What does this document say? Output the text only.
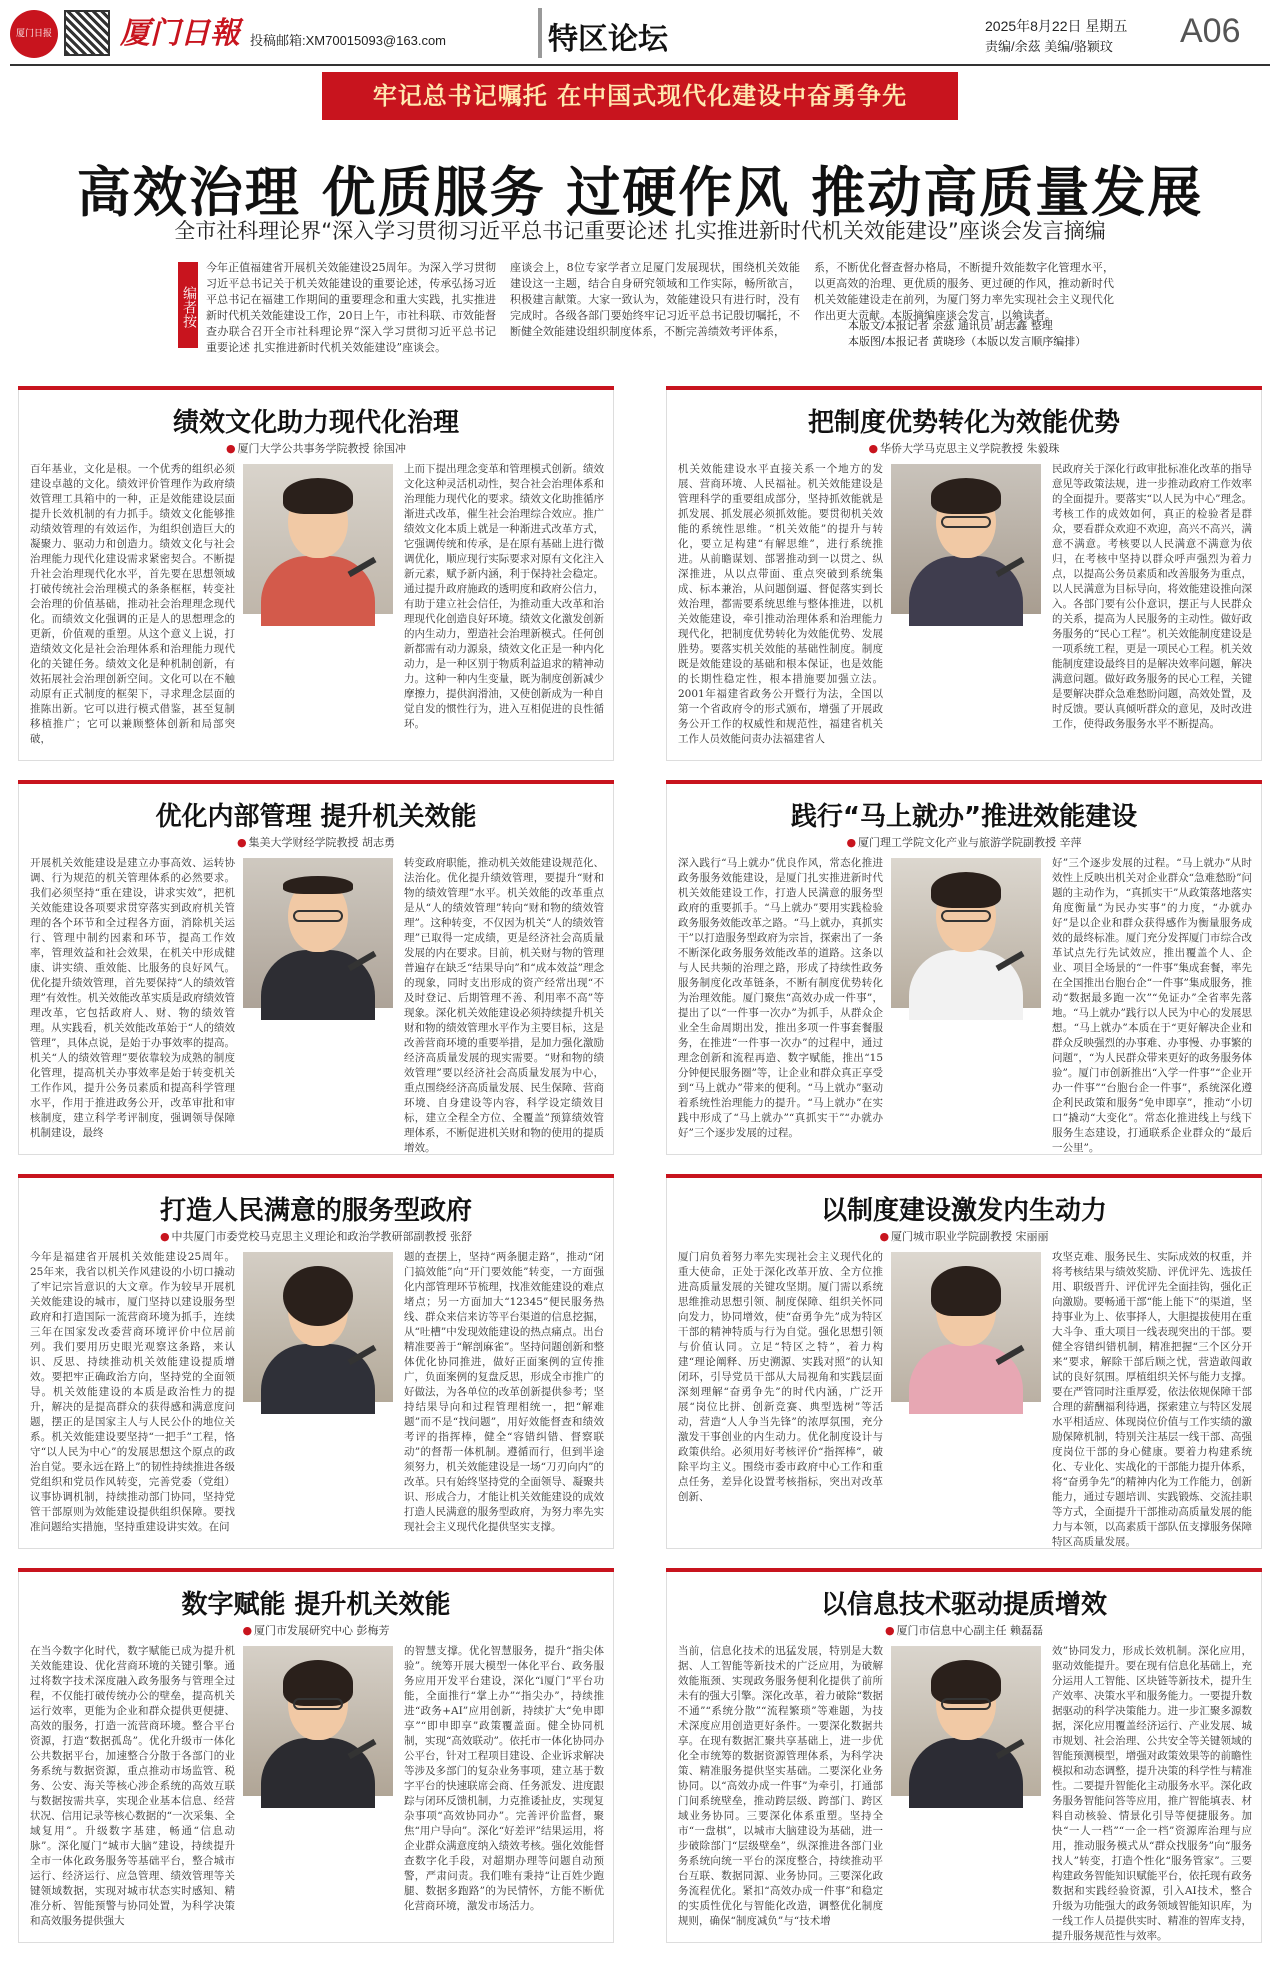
厦门日报 厦门日報 投稿邮箱:XM70015093@163.com	特区论坛	2025年8月22日 星期五
责编/余茲 美编/骆颖玟 A06
牢记总书记嘱托 在中国式现代化建设中奋勇争先
高效治理 优质服务 过硬作风 推动高质量发展
全市社科理论界“深入学习贯彻习近平总书记重要论述 扎实推进新时代机关效能建设”座谈会发言摘编
编者按
今年正值福建省开展机关效能建设25周年。为深入学习贯彻习近平总书记关于机关效能建设的重要论述，传承弘扬习近平总书记在福建工作期间的重要理念和重大实践，扎实推进新时代机关效能建设工作，20日上午，市社科联、市效能督查办联合召开全市社科理论界“深入学习贯彻习近平总书记重要论述 扎实推进新时代机关效能建设”座谈会。
座谈会上，8位专家学者立足厦门发展现状，围绕机关效能建设这一主题，结合自身研究领域和工作实际，畅所欲言，积极建言献策。大家一致认为，效能建设只有进行时，没有完成时。各级各部门要始终牢记习近平总书记殷切嘱托，不断健全效能建设组织制度体系，不断完善绩效考评体系，
系，不断优化督查督办格局，不断提升效能数字化管理水平，以更高效的治理、更优质的服务、更过硬的作风，推动新时代机关效能建设走在前列，为厦门努力率先实现社会主义现代化作出更大贡献。本版摘编座谈会发言，以飨读者。
本版文/本报记者 余茲 通讯员 胡志鑫 整理
本版图/本报记者 黄晓珍（本版以发言顺序编排）
绩效文化助力现代化治理
● 厦门大学公共事务学院教授 徐国冲
百年基业，文化是根。一个优秀的组织必须建设卓越的文化。绩效评价管理作为政府绩效管理工具箱中的一种，正是效能建设层面提升长效机制的有力抓手。绩效文化能够推动绩效管理的有效运作，为组织创造巨大的凝聚力、驱动力和创造力。绩效文化与社会治理能力现代化建设需求紧密契合。不断提升社会治理现代化水平，首先要在思想领域打破传统社会治理模式的条条框框，转变社会治理的价值基础，推动社会治理理念现代化。而绩效文化强调的正是人的思想理念的更新，价值观的重塑。从这个意义上说，打造绩效文化是社会治理体系和治理能力现代化的关键任务。绩效文化是种机制创新，有效拓展社会治理创新空间。文化可以在不触动原有正式制度的框架下，寻求理念层面的推陈出新。它可以进行模式借鉴，甚至复制移植推广；它可以兼顾整体创新和局部突破，
上而下提出理念变革和管理模式创新。绩效文化这种灵活机动性，契合社会治理体系和治理能力现代化的要求。绩效文化助推循序渐进式改革，催生社会治理综合效应。推广绩效文化本质上就是一种渐进式改革方式，它强调传统和传承，是在原有基础上进行微调优化，顺应现行实际要求对原有文化注入新元素，赋予新内涵，利于保持社会稳定。通过提升政府施政的透明度和政府公信力，有助于建立社会信任，为推动重大改革和治理现代化创造良好环境。绩效文化激发创新的内生动力，塑造社会治理新模式。任何创新都需有动力源泉，绩效文化正是一种内化动力，是一种区别于物质利益追求的精神动力。这种一种内生变量，既为制度创新减少摩擦力，提供润滑油，又使创新成为一种自觉自发的惯性行为，进入互相促进的良性循环。
把制度优势转化为效能优势
● 华侨大学马克思主义学院教授 朱毅珠
机关效能建设水平直接关系一个地方的发展、营商环境、人民福祉。机关效能建设是管理科学的重要组成部分，坚持抓效能就是抓发展、抓发展必须抓效能。要贯彻机关效能的系统性思维。“机关效能”的提升与转化，要立足构建“有解思维”，进行系统推进。从前瞻谋划、部署推动到一以贯之、纵深推进，从以点带面、重点突破到系统集成、标本兼治，从问题倒逼、督促落实到长效治理，都需要系统思维与整体推进，以机关效能建设，牵引推动治理体系和治理能力现代化，把制度优势转化为效能优势、发展胜势。要落实机关效能的基础性制度。制度既是效能建设的基础和根本保证，也是效能的长期性稳定性，根本措施要加强立法。2001年福建省政务公开暨行为法，全国以第一个省政府令的形式颁布，增强了开展政务公开工作的权威性和规范性，福建省机关工作人员效能问责办法福建省人
民政府关于深化行政审批标准化改革的指导意见等政策法规，进一步推动政府工作效率的全面提升。要落实“以人民为中心”理念。考核工作的成效如何，真正的检验者是群众，要看群众欢迎不欢迎，高兴不高兴，满意不满意。考核要以人民满意不满意为依归，在考核中坚持以群众呼声强烈为着力点，以提高公务员素质和改善服务为重点，以人民满意为目标导向，将效能建设推向深入。各部门要有公仆意识，摆正与人民群众的关系，提高为人民服务的主动性。做好政务服务的“民心工程”。机关效能制度建设是一项系统工程，更是一项民心工程。机关效能制度建设最终目的是解决效率问题，解决满意问题。做好政务服务的民心工程，关键是要解决群众急难愁盼问题，高效处置，及时反馈。要认真倾听群众的意见，及时改进工作，使得政务服务水平不断提高。
优化内部管理 提升机关效能
● 集美大学财经学院教授 胡志勇
开展机关效能建设是建立办事高效、运转协调、行为规范的机关管理体系的必然要求。我们必须坚持“重在建设，讲求实效”，把机关效能建设各项要求贯穿落实到政府机关管理的各个环节和全过程各方面，消除机关运行、管理中制约因素和环节，提高工作效率，管理效益和社会效果，在机关中形成健康、讲实绩、重效能、比服务的良好风气。优化提升绩效管理，首先要保持“人的绩效管理”有效性。机关效能改革实质是政府绩效管理改革，它包括政府人、财、物的绩效管理。从实践看，机关效能改革始于“人的绩效管理”，具体点说，是始于办事效率的提高。机关“人的绩效管理”要依靠较为成熟的制度化管理，提高机关办事效率是始于转变机关工作作风，提升公务员素质和提高科学管理水平，作用于推进政务公开，改革审批和审核制度，建立科学考评制度，强调领导保障机制建设，最终
转变政府职能，推动机关效能建设规范化、法治化。优化提升绩效管理，要提升“财和物的绩效管理”水平。机关效能的改革重点是从“人的绩效管理”转向“财和物的绩效管理”。这种转变，不仅因为机关“人的绩效管理”已取得一定成绩，更是经济社会高质量发展的内在要求。目前，机关财与物的管理普遍存在缺乏“结果导向”和“成本效益”理念的现象，同时支出形成的资产经常出现“不及时登记、后期管理不善、利用率不高”等现象。深化机关效能建设必须持续提升机关财和物的绩效管理水平作为主要目标，这是改善营商环境的重要举措，是加力强化激励经济高质量发展的现实需要。“财和物的绩效管理”要以经济社会高质量发展为中心，重点围绕经济高质量发展、民生保障、营商环境、自身建设等内容，科学设定绩效目标，建立全程全方位、全覆盖”预算绩效管理体系，不断促进机关财和物的使用的提质增效。
践行“马上就办”推进效能建设
● 厦门理工学院文化产业与旅游学院副教授 辛萍
深入践行“马上就办”优良作风，常态化推进政务服务效能建设，是厦门扎实推进新时代机关效能建设工作，打造人民满意的服务型政府的重要抓手。“马上就办”要用实践检验政务服务效能改革之路。“马上就办，真抓实干”以打造服务型政府为宗旨，探索出了一条不断深化政务服务效能改革的道路。这条以与人民共频的治理之路，形成了持续性政务服务制度化改革链条，不断有制度优势转化为治理效能。厦门聚焦“高效办成一件事”，提出了以“一件事一次办”为抓手，从群众企业全生命周期出发，推出多项一件事套餐服务，在推进“一件事一次办”的过程中，通过理念创新和流程再造、数字赋能，推出“15分钟便民服务圈”等，让企业和群众真正享受到“马上就办”带来的便利。“马上就办”驱动着系统性治理能力的提升。“马上就办”在实践中形成了“马上就办”“真抓实干”“办就办好”三个逐步发展的过程。
好”三个逐步发展的过程。“马上就办”从时效性上反映出机关对企业群众“急难愁盼”问题的主动作为，“真抓实干”从政策落地落实角度衡量“为民办实事”的力度，“办就办好”是以企业和群众获得感作为衡量服务成效的最终标准。厦门充分发挥厦门市综合改革试点先行先试效应，推出覆盖个人、企业、项目全场景的“一件事”集成套餐，率先在全国推出台胞台企“一件事”集成服务，推动“数据最多跑一次”“免证办”全省率先落地。“马上就办”践行以人民为中心的发展思想。“马上就办”本质在于“更好解决企业和群众反映强烈的办事难、办事慢、办事繁的问题”，“为人民群众带来更好的政务服务体验”。厦门市创新推出“入学一件事”“企业开办一件事”“台胞台企一件事”，系统深化遵企利民政策和服务“免申即享”，推动“小切口”撬动“大变化”。常态化推进线上与线下服务生态建设，打通联系企业群众的“最后一公里”。
打造人民满意的服务型政府
● 中共厦门市委党校马克思主义理论和政治学教研部副教授 张舒
今年是福建省开展机关效能建设25周年。25年来，我省以机关作风建设的小切口撬动了牢记宗旨意识的大文章。作为较早开展机关效能建设的城市，厦门坚持以建设服务型政府和打造国际一流营商环境为抓手，连续三年在国家发改委营商环境评价中位居前列。我们要用历史眼光观察这条路，来认识、反思、持续推动机关效能建设提质增效。要把牢正确政治方向，坚持党的全面领导。机关效能建设的本质是政治性力的提升，解决的是提高群众的获得感和满意度问题，摆正的是国家主人与人民公仆的地位关系。机关效能建设要坚持“一把手”工程，恪守“以人民为中心”的发展思想这个原点的政治自觉。要永远在路上”的韧性持续推进各级党组织和党员作风转变，完善党委（党组）议事协调机制，持续推动部门协同，坚持党管干部原则为效能建设提供组织保障。要找准问题给实措施，坚持重建设讲实效。在问
题的查摆上，坚持“两条腿走路”，推动“闭门搞效能”向“开门要效能”转变，一方面强化内部管理环节梳理，找准效能建设的难点堵点；另一方面加大“12345”便民服务热线、群众来信来访等平台渠道的信息挖掘，从“吐槽”中发现效能建设的热点痛点。出台精准要善于“解剖麻雀”。坚持问题创新和整体优化协同推进，做好正面案例的宣传推广，负面案例的复盘反思，形成全市推广的好做法，为各单位的改革创新提供参考；坚持结果导向和过程管理相统一，把“解难题”而不是“找问题”，用好效能督查和绩效考评的指挥棒，健全“容错纠错、督察联动”的督帮一体机制。遵循而行，但到半途须努力，机关效能建设是一场“刀刃向内”的改革。只有始终坚持党的全面领导、凝聚共识、形成合力，才能让机关效能建设的成效打造人民满意的服务型政府，为努力率先实现社会主义现代化提供坚实支撑。
以制度建设激发内生动力
● 厦门城市职业学院副教授 宋丽丽
厦门肩负着努力率先实现社会主义现代化的重大使命，正处于深化改革开放、全方位推进高质量发展的关键攻坚期。厦门需以系统思维推动思想引领、制度保障、组织关怀同向发力，协同增效，使“奋勇争先”成为特区干部的精神特质与行为自觉。强化思想引领与价值认同。立足“特区之特”，着力构建“理论阐释、历史溯源、实践对照”的认知闭环，引导党员干部从大局视角和实践层面深刻理解“奋勇争先”的时代内涵，广泛开展“岗位比拼、创新竞赛、典型选树”等活动，营造“人人争当先锋”的浓厚氛围，充分激发干事创业的内生动力。优化制度设计与政策供给。必须用好考核评价“指挥棒”，破除平均主义。围绕市委市政府中心工作和重点任务，差异化设置考核指标，突出对改革创新、
攻坚克难、服务民生、实际成效的权重，并将考核结果与绩效奖励、评优评先、选拔任用、职级晋升、评优评先全面挂钩，强化正向激励。要畅通干部“能上能下”的渠道，坚持事业为上、依事择人，大胆提拔使用在重大斗争、重大项目一线表现突出的干部。要健全容错纠错机制，精准把握“三个区分开来”要求，解除干部后顾之忧，营造敢闯敢试的良好氛围。厚植组织关怀与能力支撑。要在严管同时注重厚爱，依法依规保障干部合理的薪酬福利待遇，探索建立与特区发展水平相适应、体现岗位价值与工作实绩的激励保障机制，特别关注基层一线干部、高强度岗位干部的身心健康。要着力构建系统化、专业化、实战化的干部能力提升体系，将“奋勇争先”的精神内化为工作能力，创新能力，通过专题培训、实践锻炼、交流挂职等方式，全面提升干部推动高质量发展的能力与本领，以高素质干部队伍支撑服务保障特区高质量发展。
数字赋能 提升机关效能
● 厦门市发展研究中心 彭梅芳
在当今数字化时代，数字赋能已成为提升机关效能建设、优化营商环境的关键引擎。通过将数字技术深度融入政务服务与管理全过程，不仅能打破传统办公的壁垒，提高机关运行效率，更能为企业和群众提供更便捷、高效的服务，打造一流营商环境。整合平台资源，打造“数据孤岛”。优化升级市一体化公共数据平台，加速整合分散于各部门的业务系统与数据资源，重点推动市场监管、税务、公安、海关等核心涉企系统的高效互联与数据按需共享，实现企业基本信息、经营状况、信用记录等核心数据的“一次采集、全域复用”。升级数字基建，畅通“信息动脉”。深化厦门“城市大脑”建设，持续提升全市一体化政务服务等基础平台，整合城市运行、经济运行、应急管理、绩效管理等关键领域数据，实现对城市状态实时感知、精准分析、智能预警与协同处置，为科学决策和高效服务提供强大
的智慧支撑。优化智慧服务，提升“指尖体验”。统筹开展大模型一体化平台、政务服务应用开发平台建设，深化“i厦门”平台功能，全面推行“掌上办”“指尖办”，持续推进“政务+AI”应用创新，持续扩大“免申即享”“即申即享”政策覆盖面。健全协同机制，实现“高效联动”。依托市一体化协同办公平台，针对工程项目建设、企业诉求解决等涉及多部门的复杂业务事项，建立基于数字平台的快速联席会商、任务派发、进度跟踪与闭环反馈机制，力克推诿扯皮，实现复杂事项“高效协同办”。完善评价监督，聚焦“用户导向”。深化“好差评”结果运用，将企业群众满意度纳入绩效考核。强化效能督查数字化手段，对超期办理等问题自动预警，严肃问责。我们唯有秉持“让百姓少跑腿、数据多跑路”的为民情怀，方能不断优化营商环境，激发市场活力。
以信息技术驱动提质增效
● 厦门市信息中心副主任 赖磊磊
当前，信息化技术的迅猛发展，特别是大数据、人工智能等新技术的广泛应用，为破解效能瓶颈、实现政务服务便利化提供了前所未有的强大引擎。深化改革，着力破除“数据不通”“系统分散”“流程繁琐”等难题，为技术深度应用创造更好条件。一要深化数据共享。在现有数据汇聚共享基础上，进一步优化全市统筹的数据资源管理体系，为科学决策、精准服务提供坚实基础。二要深化业务协同。以“高效办成一件事”为牵引，打通部门间系统壁垒，推动跨层级、跨部门、跨区域业务协同。三要深化体系重塑。坚持全市“一盘棋”，以城市大脑建设为基础，进一步破除部门“层级壁垒”，纵深推进各部门业务系统向统一平台的深度整合，持续推动平台互联、数据同源、业务协同。三要深化政务流程优化。紧扣“高效办成一件事”和稳定的实质性优化与智能化改造，调整优化制度规则，确保“制度减负”与“技术增
效”协同发力，形成长效机制。深化应用，驱动效能提升。要在现有信息化基础上，充分运用人工智能、区块链等新技术，提升生产效率、决策水平和服务能力。一要提升数据驱动的科学决策能力。进一步汇聚多源数据，深化应用覆盖经济运行、产业发展、城市规划、社会治理、公共安全等关键领域的智能预测模型，增强对政策效果等的前瞻性模拟和动态调整，提升决策的科学性与精准性。二要提升智能化主动服务水平。深化政务服务智能问答等应用，推广智能填表、材料自动核验、情景化引导等便捷服务。加快“一人一档”“一企一档”资源库治理与应用，推动服务模式从“群众找服务”向“服务找人”转变，打造个性化“服务管家”。三要构建政务智能知识赋能平台，依托现有政务数据和实践经验资源，引入AI技术，整合升级为功能强大的政务领域智能知识库，为一线工作人员提供实时、精准的智库支持，提升服务规范性与效率。
